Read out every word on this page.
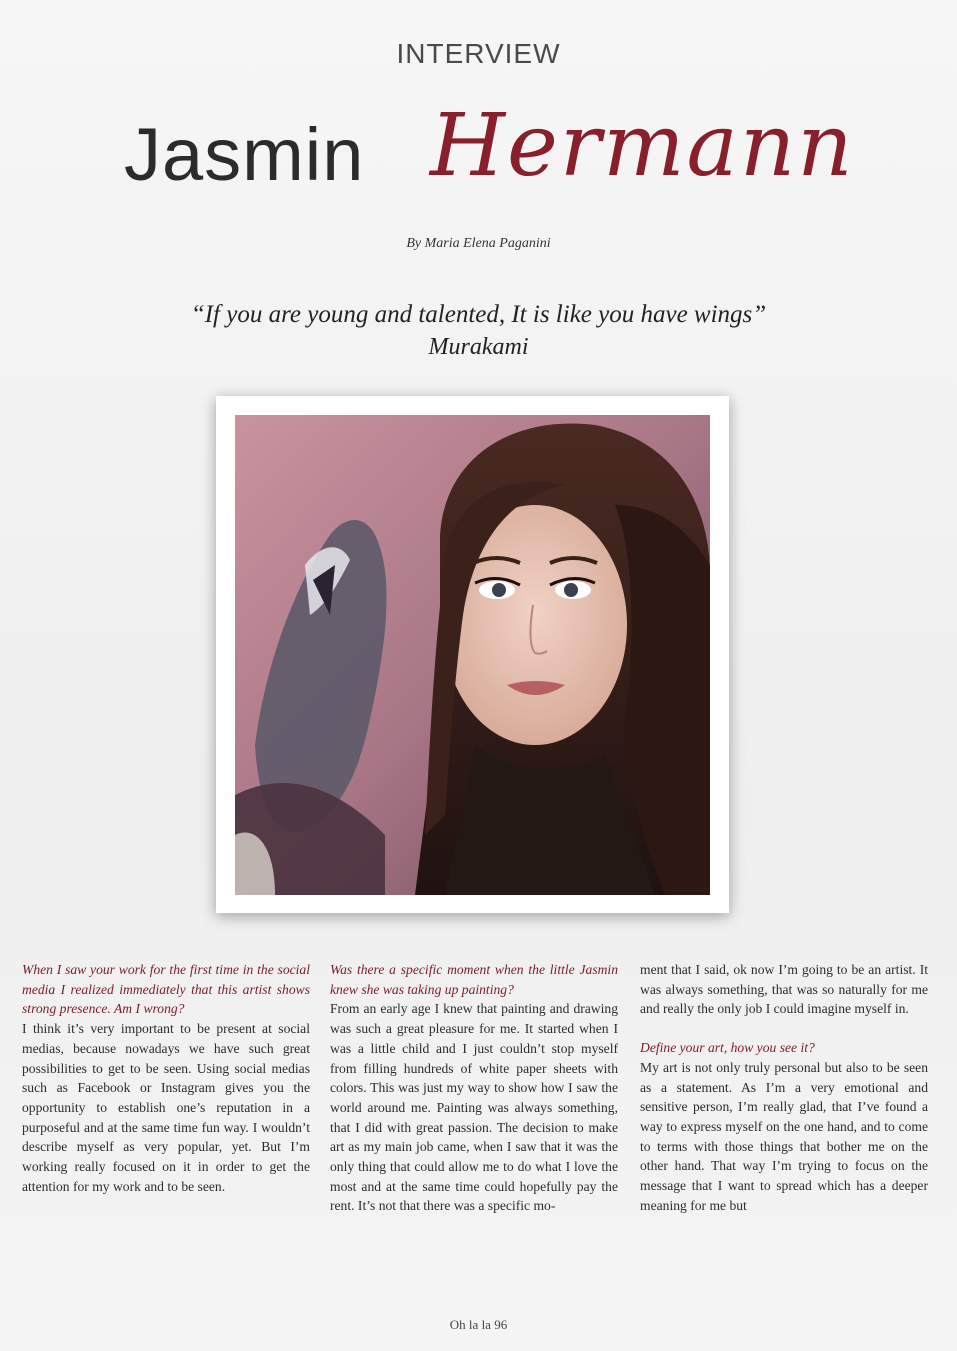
INTERVIEW
Jasmin Hermann
By Maria Elena Paganini
“If you are young and talented, It is like you have wings”
Murakami

When I saw your work for the first time in the social media I realized immediately that this artist shows strong presence. Am I wrong?

I think it’s very important to be present at social medias, because nowadays we have such great possibilities to get to be seen. Using social medias such as Facebook or Instagram gives you the opportunity to establish one’s reputation in a purposeful and at the same time fun way. I wouldn’t describe myself as very popular, yet. But I’m working really focused on it in order to get the attention for my work and to be seen.

Was there a specific moment when the little Jasmin knew she was taking up painting?

From an early age I knew that painting and drawing was such a great pleasure for me. It started when I was a little child and I just couldn’t stop myself from filling hundreds of white paper sheets with colors. This was just my way to show how I saw the world around me. Painting was always something, that I did with great passion. The decision to make art as my main job came, when I saw that it was the only thing that could allow me to do what I love the most and at the same time could hopefully pay the rent. It’s not that there was a specific mo-

ment that I said, ok now I’m going to be an artist. It was always something, that was so naturally for me and really the only job I could imagine myself in.

Define your art, how you see it?

My art is not only truly personal but also to be seen as a statement. As I’m a very emotional and sensitive person, I’m really glad, that I’ve found a way to express myself on the one hand, and to come to terms with those things that bother me on the other hand. That way I’m trying to focus on the message that I want to spread which has a deeper meaning for me but

Oh la la 96
